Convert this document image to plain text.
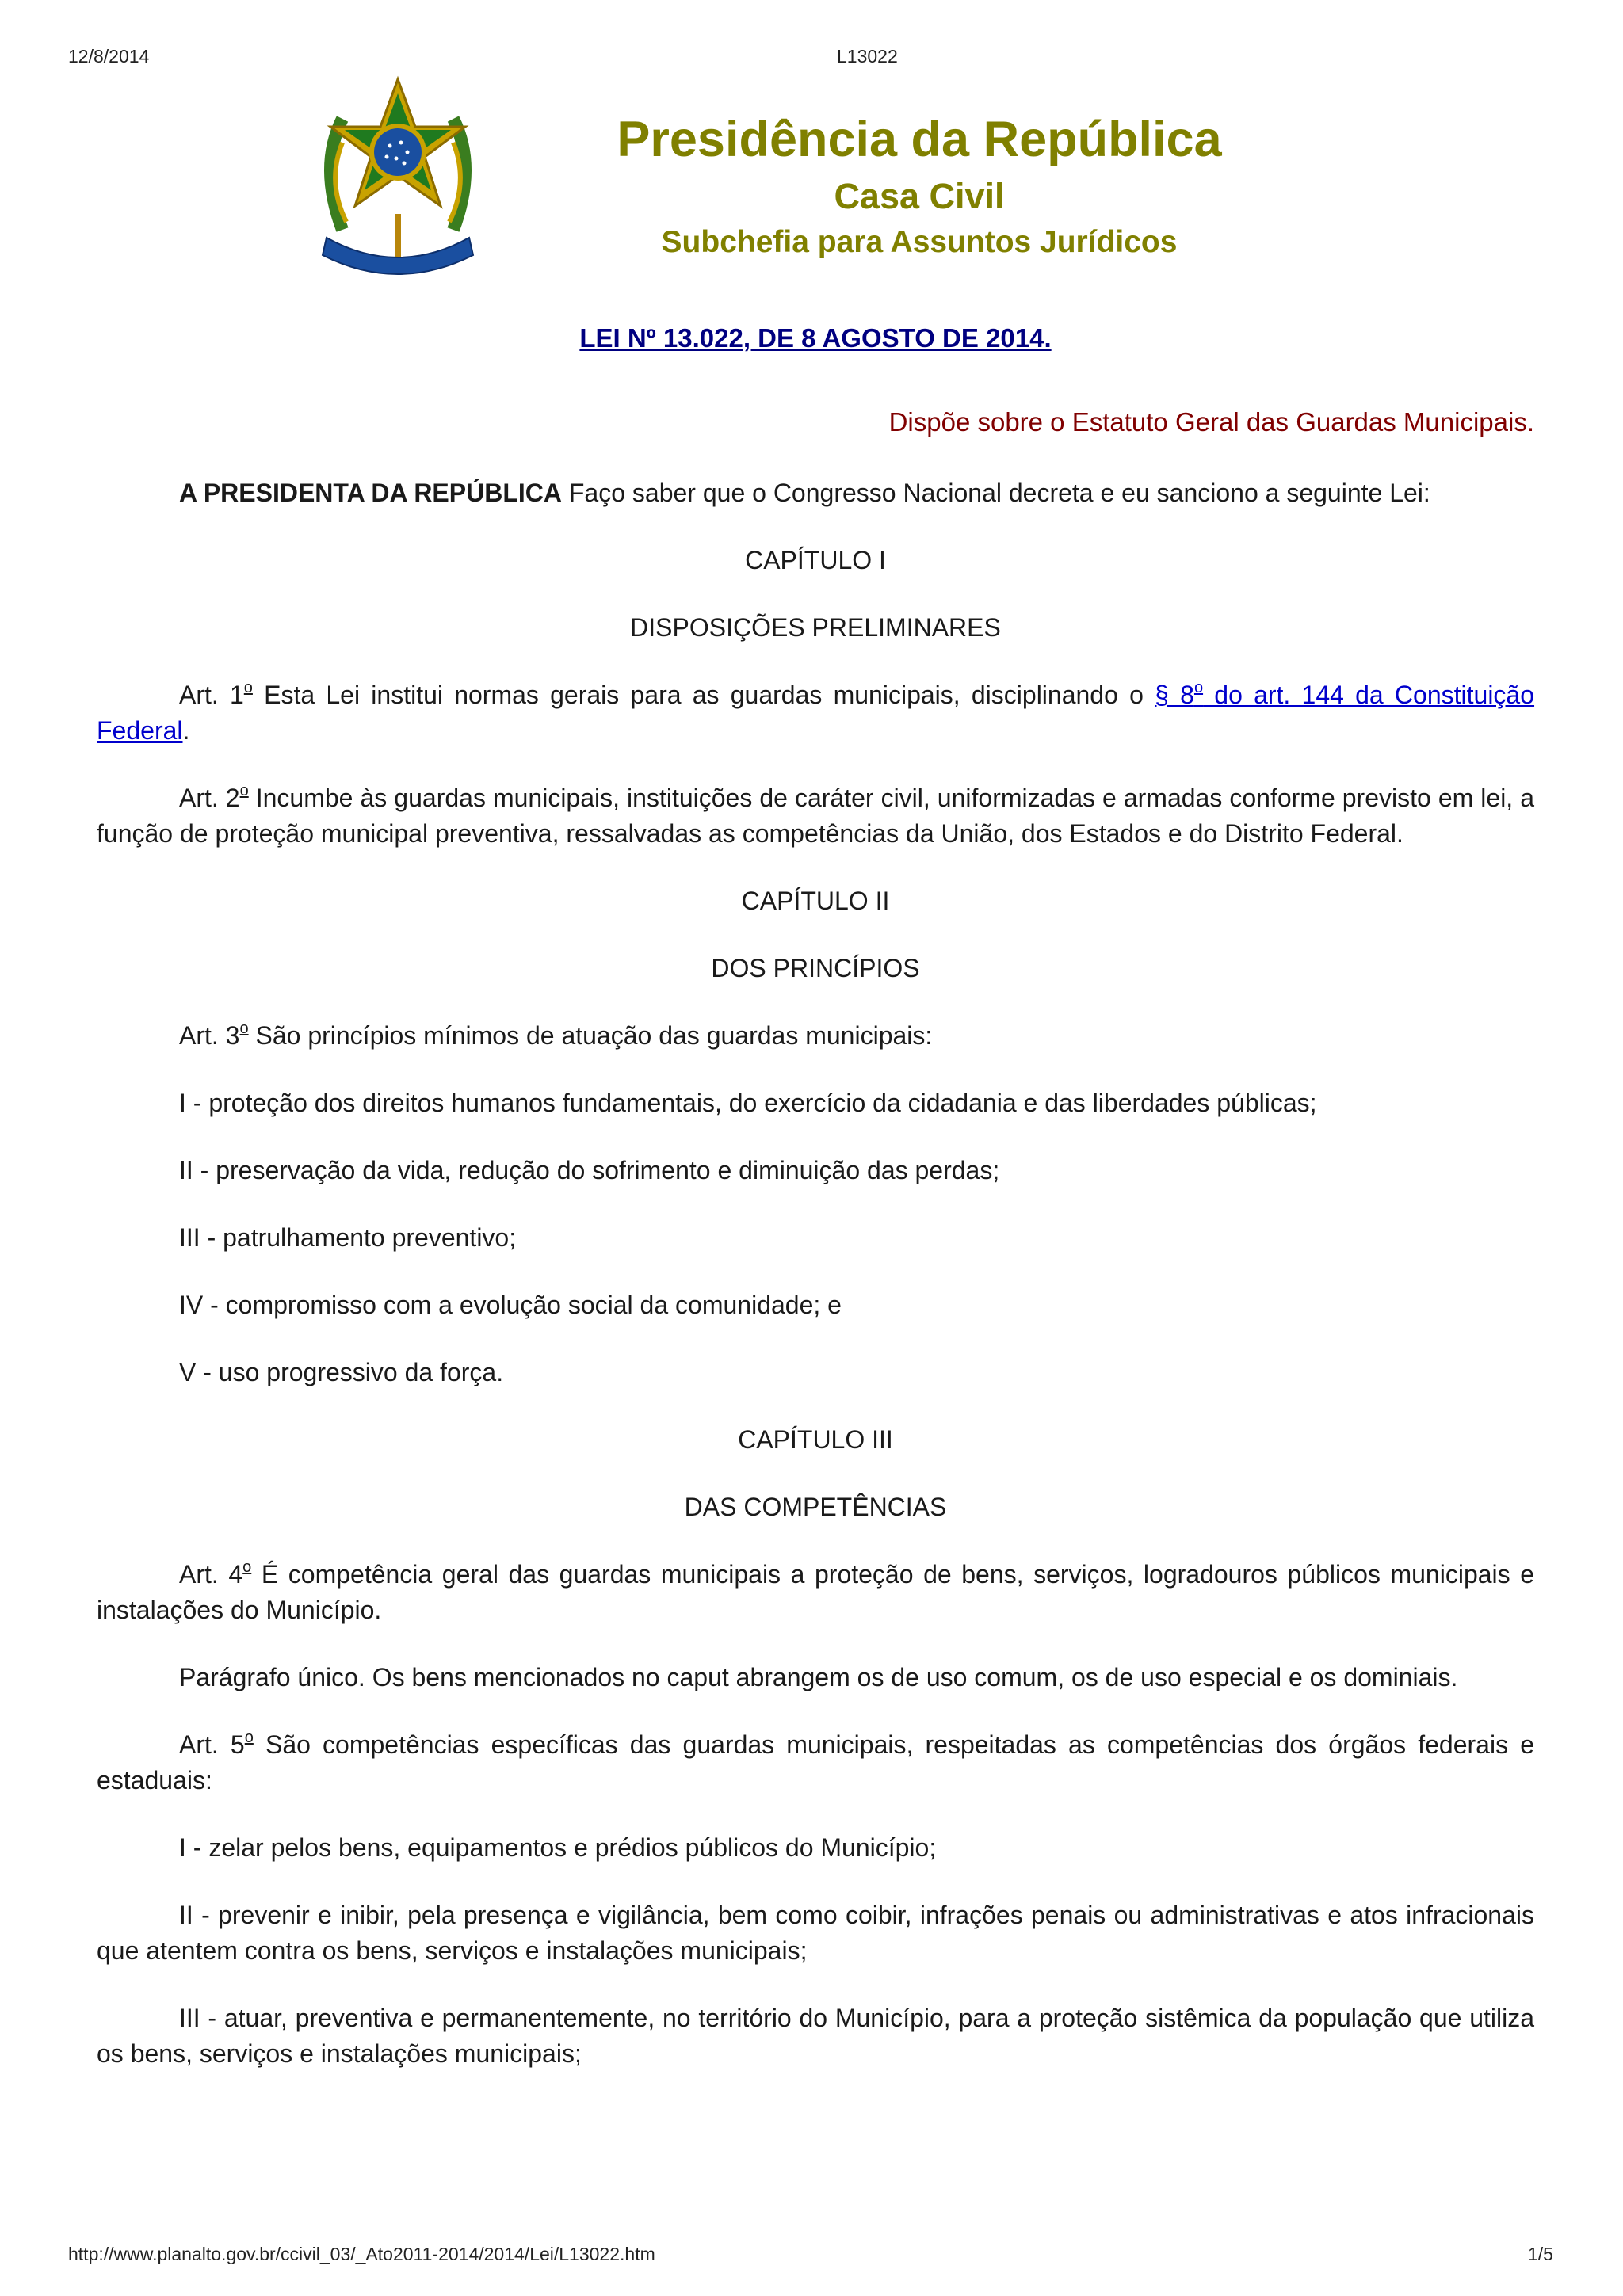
12/8/2014	L13022
Presidência da República
Casa Civil
Subchefia para Assuntos Jurídicos
LEI Nº 13.022, DE 8 AGOSTO DE 2014.
Dispõe sobre o Estatuto Geral das Guardas Municipais.

A PRESIDENTA DA REPÚBLICA Faço saber que o Congresso Nacional decreta e eu sanciono a seguinte Lei:

CAPÍTULO I

DISPOSIÇÕES PRELIMINARES

Art. 1$^o$ Esta Lei institui normas gerais para as guardas municipais, disciplinando o § 8$^o$ do art. 144 da Constituição Federal.

Art. 2$^o$ Incumbe às guardas municipais, instituições de caráter civil, uniformizadas e armadas conforme previsto em lei, a função de proteção municipal preventiva, ressalvadas as competências da União, dos Estados e do Distrito Federal.

CAPÍTULO II

DOS PRINCÍPIOS

Art. 3$^o$ São princípios mínimos de atuação das guardas municipais:

I - proteção dos direitos humanos fundamentais, do exercício da cidadania e das liberdades públicas;

II - preservação da vida, redução do sofrimento e diminuição das perdas;

III - patrulhamento preventivo;

IV - compromisso com a evolução social da comunidade; e

V - uso progressivo da força.

CAPÍTULO III

DAS COMPETÊNCIAS

Art. 4$^o$ É competência geral das guardas municipais a proteção de bens, serviços, logradouros públicos municipais e instalações do Município.

Parágrafo único. Os bens mencionados no caput abrangem os de uso comum, os de uso especial e os dominiais.

Art. 5$^o$ São competências específicas das guardas municipais, respeitadas as competências dos órgãos federais e estaduais:

I - zelar pelos bens, equipamentos e prédios públicos do Município;

II - prevenir e inibir, pela presença e vigilância, bem como coibir, infrações penais ou administrativas e atos infracionais que atentem contra os bens, serviços e instalações municipais;

III - atuar, preventiva e permanentemente, no território do Município, para a proteção sistêmica da população que utiliza os bens, serviços e instalações municipais;

http://www.planalto.gov.br/ccivil_03/_Ato2011-2014/2014/Lei/L13022.htm	1/5
